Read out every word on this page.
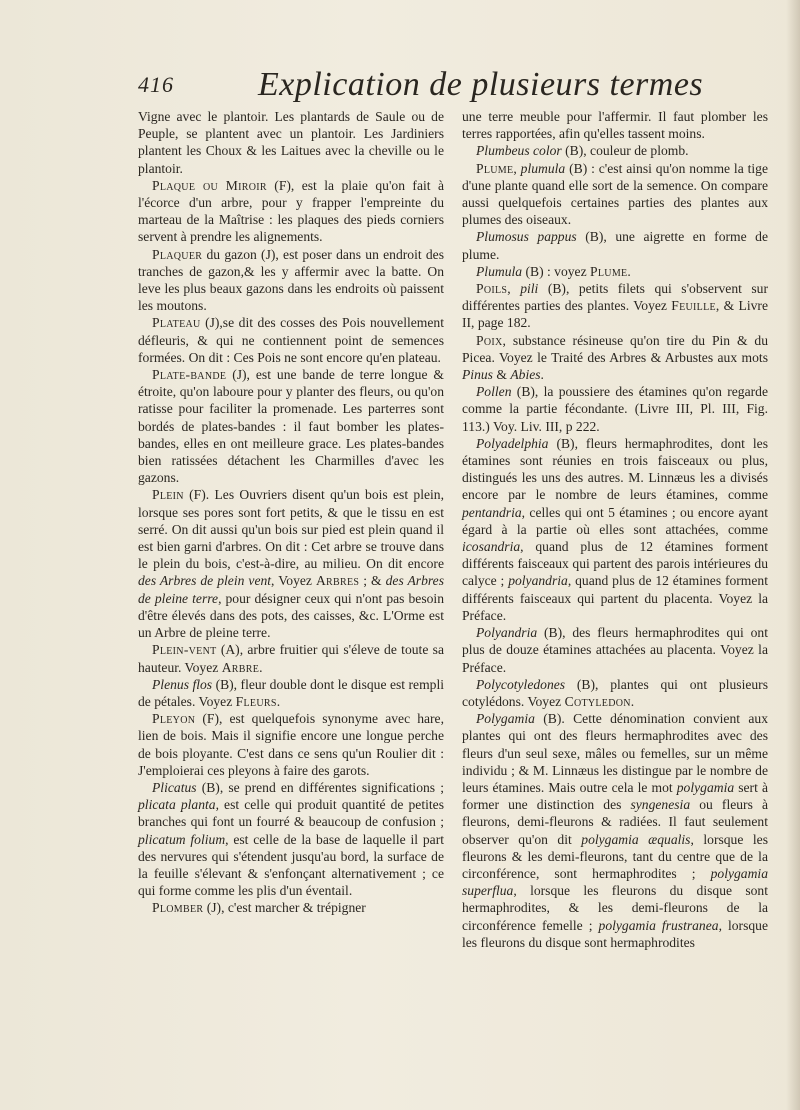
416 Explication de plusieurs termes

Vigne avec le plantoir. Les plantards de Saule ou de Peuple, se plantent avec un plantoir. Les Jardiniers plantent les Choux & les Laitues avec la cheville ou le plantoir.

Plaque ou Miroir (F), est la plaie qu'on fait à l'écorce d'un arbre, pour y frapper l'empreinte du marteau de la Maîtrise : les plaques des pieds corniers servent à prendre les alignements.

Plaquer du gazon (J), est poser dans un endroit des tranches de gazon,& les y affermir avec la batte. On leve les plus beaux gazons dans les endroits où paissent les moutons.

Plateau (J),se dit des cosses des Pois nouvellement défleuris, & qui ne contiennent point de semences formées. On dit : Ces Pois ne sont encore qu'en plateau.

Plate-bande (J), est une bande de terre longue & étroite, qu'on laboure pour y planter des fleurs, ou qu'on ratisse pour faciliter la promenade. Les parterres sont bordés de plates-bandes : il faut bomber les plates-bandes, elles en ont meilleure grace. Les plates-bandes bien ratissées détachent les Charmilles d'avec les gazons.

Plein (F). Les Ouvriers disent qu'un bois est plein, lorsque ses pores sont fort petits, & que le tissu en est serré. On dit aussi qu'un bois sur pied est plein quand il est bien garni d'arbres. On dit : Cet arbre se trouve dans le plein du bois, c'est-à-dire, au milieu. On dit encore des Arbres de plein vent, Voyez Arbres ; & des Arbres de pleine terre, pour désigner ceux qui n'ont pas besoin d'être élevés dans des pots, des caisses, &c. L'Orme est un Arbre de pleine terre.

Plein-vent (A), arbre fruitier qui s'éleve de toute sa hauteur. Voyez Arbre.

Plenus flos (B), fleur double dont le disque est rempli de pétales. Voyez Fleurs.

Pleyon (F), est quelquefois synonyme avec hare, lien de bois. Mais il signifie encore une longue perche de bois ployante. C'est dans ce sens qu'un Roulier dit : J'emploierai ces pleyons à faire des garots.

Plicatus (B), se prend en différentes significations ; plicata planta, est celle qui produit quantité de petites branches qui font un fourré & beaucoup de confusion ; plicatum folium, est celle de la base de laquelle il part des nervures qui s'étendent jusqu'au bord, la surface de la feuille s'élevant & s'enfonçant alternativement ; ce qui forme comme les plis d'un éventail.

Plomber (J), c'est marcher & trépigner

une terre meuble pour l'affermir. Il faut plomber les terres rapportées, afin qu'elles tassent moins.

Plumbeus color (B), couleur de plomb.

Plume, plumula (B) : c'est ainsi qu'on nomme la tige d'une plante quand elle sort de la semence. On compare aussi quelquefois certaines parties des plantes aux plumes des oiseaux.

Plumosus pappus (B), une aigrette en forme de plume.

Plumula (B) : voyez Plume.

Poils, pili (B), petits filets qui s'observent sur différentes parties des plantes. Voyez Feuille, & Livre II, page 182.

Poix, substance résineuse qu'on tire du Pin & du Picea. Voyez le Traité des Arbres & Arbustes aux mots Pinus & Abies.

Pollen (B), la poussiere des étamines qu'on regarde comme la partie fécondante. (Livre III, Pl. III, Fig. 113.) Voy. Liv. III, p 222.

Polyadelphia (B), fleurs hermaphrodites, dont les étamines sont réunies en trois faisceaux ou plus, distingués les uns des autres. M. Linnæus les a divisés encore par le nombre de leurs étamines, comme pentandria, celles qui ont 5 étamines ; ou encore ayant égard à la partie où elles sont attachées, comme icosandria, quand plus de 12 étamines forment différents faisceaux qui partent des parois intérieures du calyce ; polyandria, quand plus de 12 étamines forment différents faisceaux qui partent du placenta. Voyez la Préface.

Polyandria (B), des fleurs hermaphrodites qui ont plus de douze étamines attachées au placenta. Voyez la Préface.

Polycotyledones (B), plantes qui ont plusieurs cotylédons. Voyez Cotyledon.

Polygamia (B). Cette dénomination convient aux plantes qui ont des fleurs hermaphrodites avec des fleurs d'un seul sexe, mâles ou femelles, sur un même individu ; & M. Linnæus les distingue par le nombre de leurs étamines. Mais outre cela le mot polygamia sert à former une distinction des syngenesia ou fleurs à fleurons, demi-fleurons & radiées. Il faut seulement observer qu'on dit polygamia æqualis, lorsque les fleurons & les demi-fleurons, tant du centre que de la circonférence, sont hermaphrodites ; polygamia superflua, lorsque les fleurons du disque sont hermaphrodites, & les demi-fleurons de la circonférence femelle ; polygamia frustranea, lorsque les fleurons du disque sont hermaphrodites
